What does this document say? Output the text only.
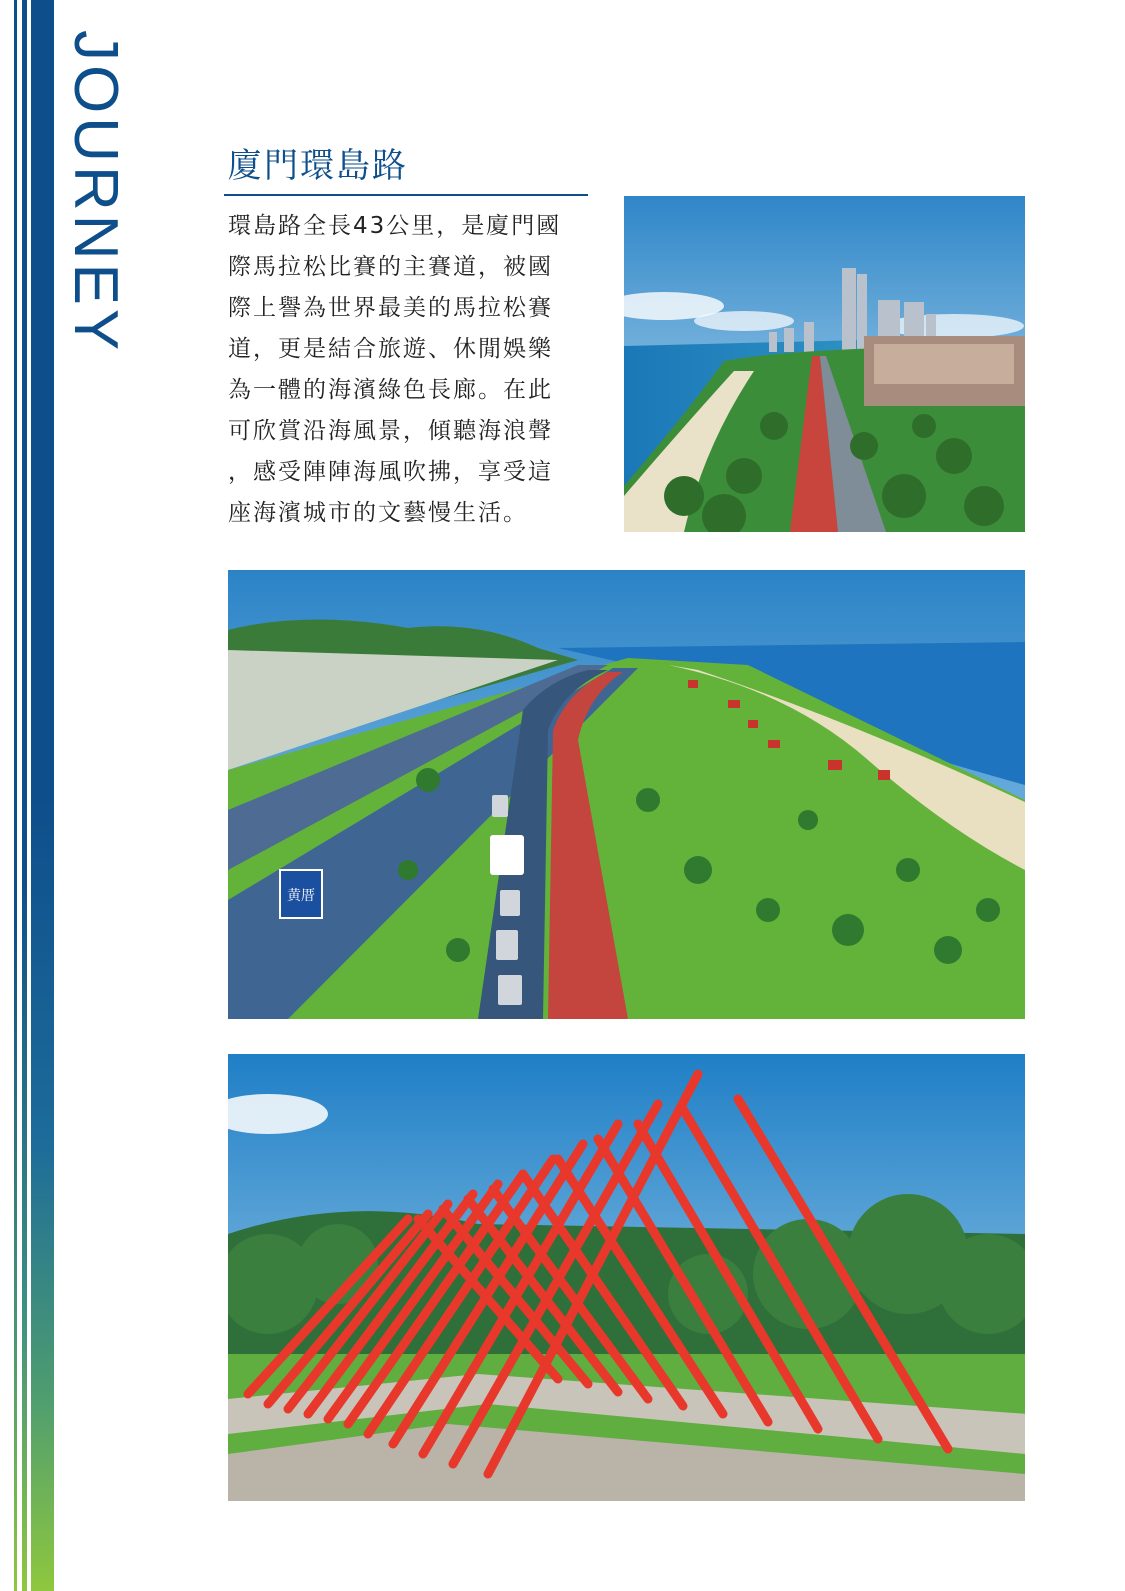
JOURNEY	廈門環島路
環島路全長43公里，是廈門國
際馬拉松比賽的主賽道，被國
際上譽為世界最美的馬拉松賽
道，更是結合旅遊、休閒娛樂
為一體的海濱綠色長廊。在此
可欣賞沿海風景，傾聽海浪聲
，感受陣陣海風吹拂，享受這
座海濱城市的文藝慢生活。
黄厝
